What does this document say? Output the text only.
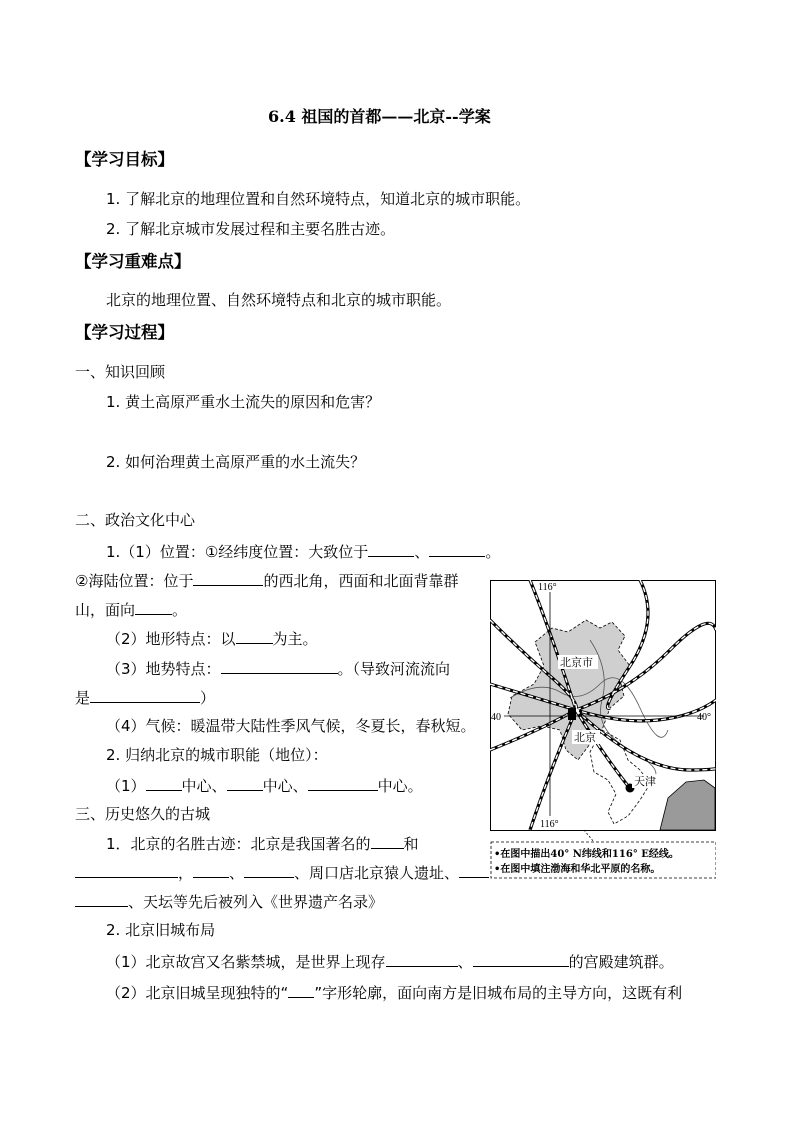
6.4 祖国的首都——北京--学案
【学习目标】
1. 了解北京的地理位置和自然环境特点，知道北京的城市职能。
2. 了解北京城市发展过程和主要名胜古迹。
【学习重难点】
北京的地理位置、自然环境特点和北京的城市职能。
【学习过程】
一、知识回顾
1. 黄土高原严重水土流失的原因和危害？
2. 如何治理黄土高原严重的水土流失？
二、政治文化中心
1.（1）位置：①经纬度位置：大致位于	、	。
②海陆位置：位于	的西北角，西面和北面背靠群
山，面向 。
（2）地形特点：以 为主。
（3）地势特点：	。（导致河流流向
是	）
（4）气候：暖温带大陆性季风气候，冬夏长，春秋短。
2. 归纳北京的城市职能（地位）：
（1） 中心、 中心、	中心。
三、历史悠久的古城
1．北京的名胜古迹：北京是我国著名的 和
， 、	、周口店北京猿人遗址、
、天坛等先后被列入《世界遗产名录》
2. 北京旧城布局
（1）北京故宫又名紫禁城，是世界上现存	、	的宫殿建筑群。
（2）北京旧城呈现独特的“ ”字形轮廓，面向南方是旧城布局的主导方向，这既有利
116°
116°
40	40°
北京市
北京
天津
•在图中描出40° N纬线和116° E经线。
•在图中填注渤海和华北平原的名称。
